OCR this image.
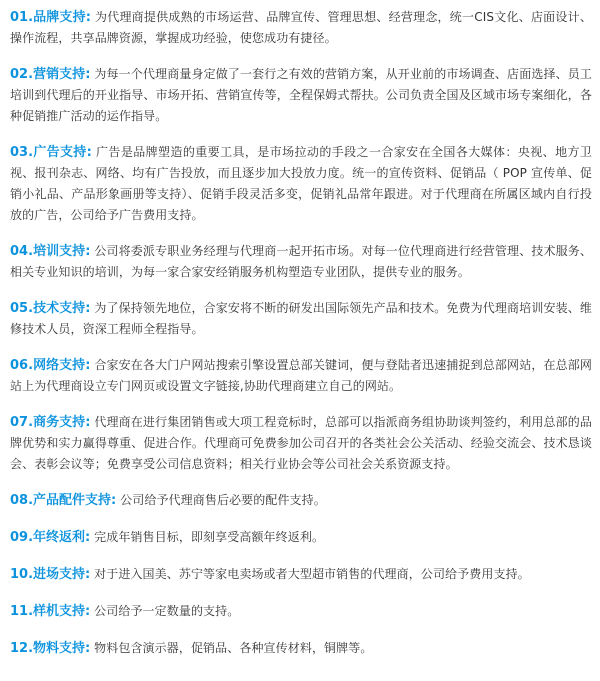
01.品牌支持: 为代理商提供成熟的市场运营、品牌宣传、管理思想、经营理念，统一CIS文化、店面设计、操作流程，共享品牌资源，掌握成功经验，使您成功有捷径。

02.营销支持: 为每一个代理商量身定做了一套行之有效的营销方案，从开业前的市场调查、店面选择、员工培训到代理后的开业指导、市场开拓、营销宣传等，全程保姆式帮扶。公司负责全国及区域市场专案细化，各种促销推广活动的运作指导。

03.广告支持: 广告是品牌塑造的重要工具，是市场拉动的手段之一合家安在全国各大媒体：央视、地方卫视、报刊杂志、网络、均有广告投放，而且逐步加大投放力度。统一的宣传资料、促销品（ POP 宣传单、促销小礼品、产品形象画册等支持）、促销手段灵活多变，促销礼品常年跟进。对于代理商在所属区域内自行投放的广告，公司给予广告费用支持。

04.培训支持: 公司将委派专职业务经理与代理商一起开拓市场。对每一位代理商进行经营管理、技术服务、相关专业知识的培训，为每一家合家安经销服务机构塑造专业团队，提供专业的服务。

05.技术支持: 为了保持领先地位，合家安将不断的研发出国际领先产品和技术。免费为代理商培训安装、维修技术人员，资深工程师全程指导。

06.网络支持: 合家安在各大门户网站搜索引擎设置总部关键词，便与登陆者迅速捕捉到总部网站，在总部网站上为代理商设立专门网页或设置文字链接,协助代理商建立自己的网站。

07.商务支持: 代理商在进行集团销售或大项工程竞标时，总部可以指派商务组协助谈判签约，利用总部的品牌优势和实力赢得尊重、促进合作。代理商可免费参加公司召开的各类社会公关活动、经验交流会、技术恳谈会、表彰会议等；免费享受公司信息资料；相关行业协会等公司社会关系资源支持。

08.产品配件支持: 公司给予代理商售后必要的配件支持。

09.年终返利: 完成年销售目标，即刻享受高额年终返利。

10.进场支持: 对于进入国美、苏宁等家电卖场或者大型超市销售的代理商，公司给予费用支持。

11.样机支持: 公司给予一定数量的支持。

12.物料支持: 物料包含演示器，促销品、各种宣传材料，铜牌等。
